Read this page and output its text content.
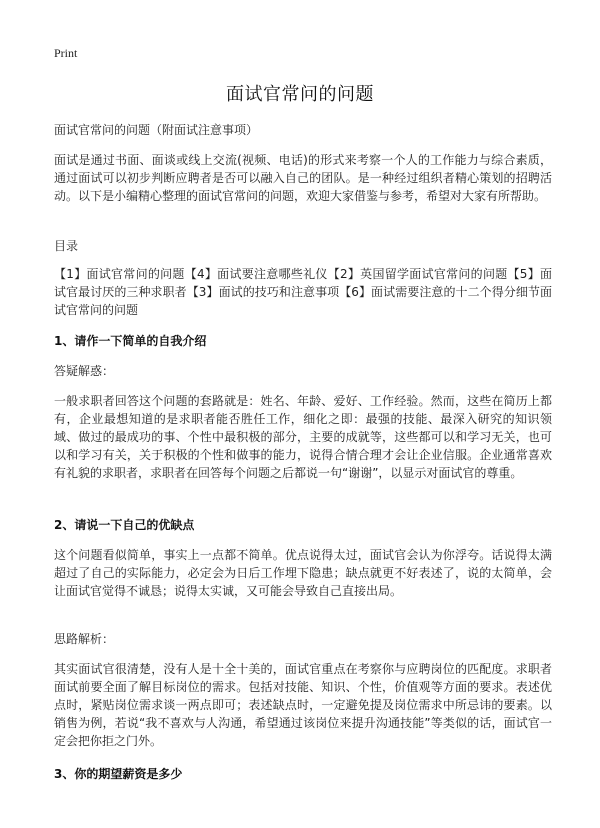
Print
面试官常问的问题

面试官常问的问题（附面试注意事项）

面试是通过书面、面谈或线上交流(视频、电话)的形式来考察一个人的工作能力与综合素质，通过面试可以初步判断应聘者是否可以融入自己的团队。是一种经过组织者精心策划的招聘活动。以下是小编精心整理的面试官常问的问题，欢迎大家借鉴与参考，希望对大家有所帮助。

目录

【1】面试官常问的问题【4】面试要注意哪些礼仪【2】英国留学面试官常问的问题【5】面试官最讨厌的三种求职者【3】面试的技巧和注意事项【6】面试需要注意的十二个得分细节面试官常问的问题

1、请作一下简单的自我介绍

答疑解惑：

一般求职者回答这个问题的套路就是：姓名、年龄、爱好、工作经验。然而，这些在简历上都有，企业最想知道的是求职者能否胜任工作，细化之即：最强的技能、最深入研究的知识领域、做过的最成功的事、个性中最积极的部分，主要的成就等，这些都可以和学习无关，也可以和学习有关，关于积极的个性和做事的能力，说得合情合理才会让企业信服。企业通常喜欢有礼貌的求职者，求职者在回答每个问题之后都说一句“谢谢”，以显示对面试官的尊重。

2、请说一下自己的优缺点

这个问题看似简单，事实上一点都不简单。优点说得太过，面试官会认为你浮夸。话说得太满超过了自己的实际能力，必定会为日后工作埋下隐患；缺点就更不好表述了，说的太简单，会让面试官觉得不诚恳；说得太实诚，又可能会导致自己直接出局。

思路解析：

其实面试官很清楚，没有人是十全十美的，面试官重点在考察你与应聘岗位的匹配度。求职者面试前要全面了解目标岗位的需求。包括对技能、知识、个性，价值观等方面的要求。表述优点时，紧贴岗位需求谈一两点即可；表述缺点时，一定避免提及岗位需求中所忌讳的要素。以销售为例，若说“我不喜欢与人沟通，希望通过该岗位来提升沟通技能”等类似的话，面试官一定会把你拒之门外。

3、你的期望薪资是多少
